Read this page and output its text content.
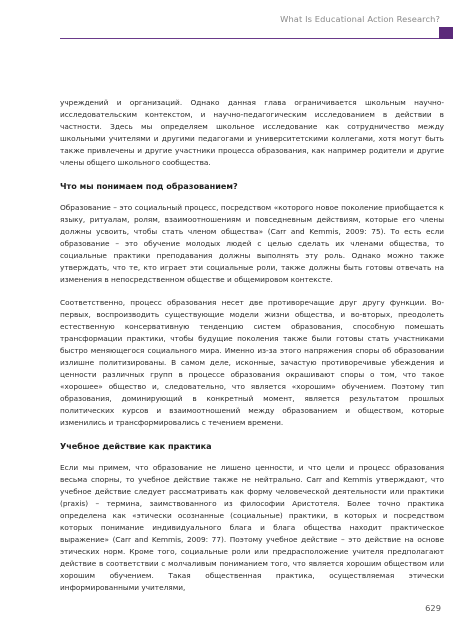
What Is Educational Action Research?

учреждений и организаций. Однако данная глава ограничивается школьным научно-исследовательским контекстом, и научно-педагогическим исследованием в действии в частности. Здесь мы определяем школьное исследование как сотрудничество между школьными учителями и другими педагогами и университетскими коллегами, хотя могут быть также привлечены и другие участники процесса образования, как например родители и другие члены общего школьного сообщества.

Что мы понимаем под образованием?

Образование – это социальный процесс, посредством «которого новое поколение приобщается к языку, ритуалам, ролям, взаимоотношениям и повседневным действиям, которые его члены должны усвоить, чтобы стать членом общества» (Carr and Kemmis, 2009: 75). То есть если образование – это обучение молодых людей с целью сделать их членами общества, то социальные практики преподавания должны выполнять эту роль. Однако можно также утверждать, что те, кто играет эти социальные роли, также должны быть готовы отвечать на изменения в непосредственном обществе и общемировом контексте.

Соответственно, процесс образования несет две противоречащие друг другу функции. Во-первых, воспроизводить существующие модели жизни общества, и во-вторых, преодолеть естественную консервативную тенденцию систем образования, способную помешать трансформации практики, чтобы будущие поколения также были готовы стать участниками быстро меняющегося социального мира. Именно из-за этого напряжения споры об образовании излишне политизированы. В самом деле, исконные, зачастую противоречивые убеждения и ценности различных групп в процессе образования окрашивают споры о том, что такое «хорошее» общество и, следовательно, что является «хорошим» обучением. Поэтому тип образования, доминирующий в конкретный момент, является результатом прошлых политических курсов и взаимоотношений между образованием и обществом, которые изменились и трансформировались с течением времени.

Учебное действие как практика

Если мы примем, что образование не лишено ценности, и что цели и процесс образования весьма спорны, то учебное действие также не нейтрально. Carr and Kemmis утверждают, что учебное действие следует рассматривать как форму человеческой деятельности или практики (praxis) – термина, заимствованного из философии Аристотеля. Более точно практика определена как «этически осознанные (социальные) практики, в которых и посредством которых понимание индивидуального блага и блага общества находит практическое выражение» (Carr and Kemmis, 2009: 77). Поэтому учебное действие – это действие на основе этических норм. Кроме того, социальные роли или предрасположение учителя предполагают действие в соответствии с молчаливым пониманием того, что является хорошим обществом или хорошим обучением. Такая общественная практика, осуществляемая этически информированными учителями,

629
